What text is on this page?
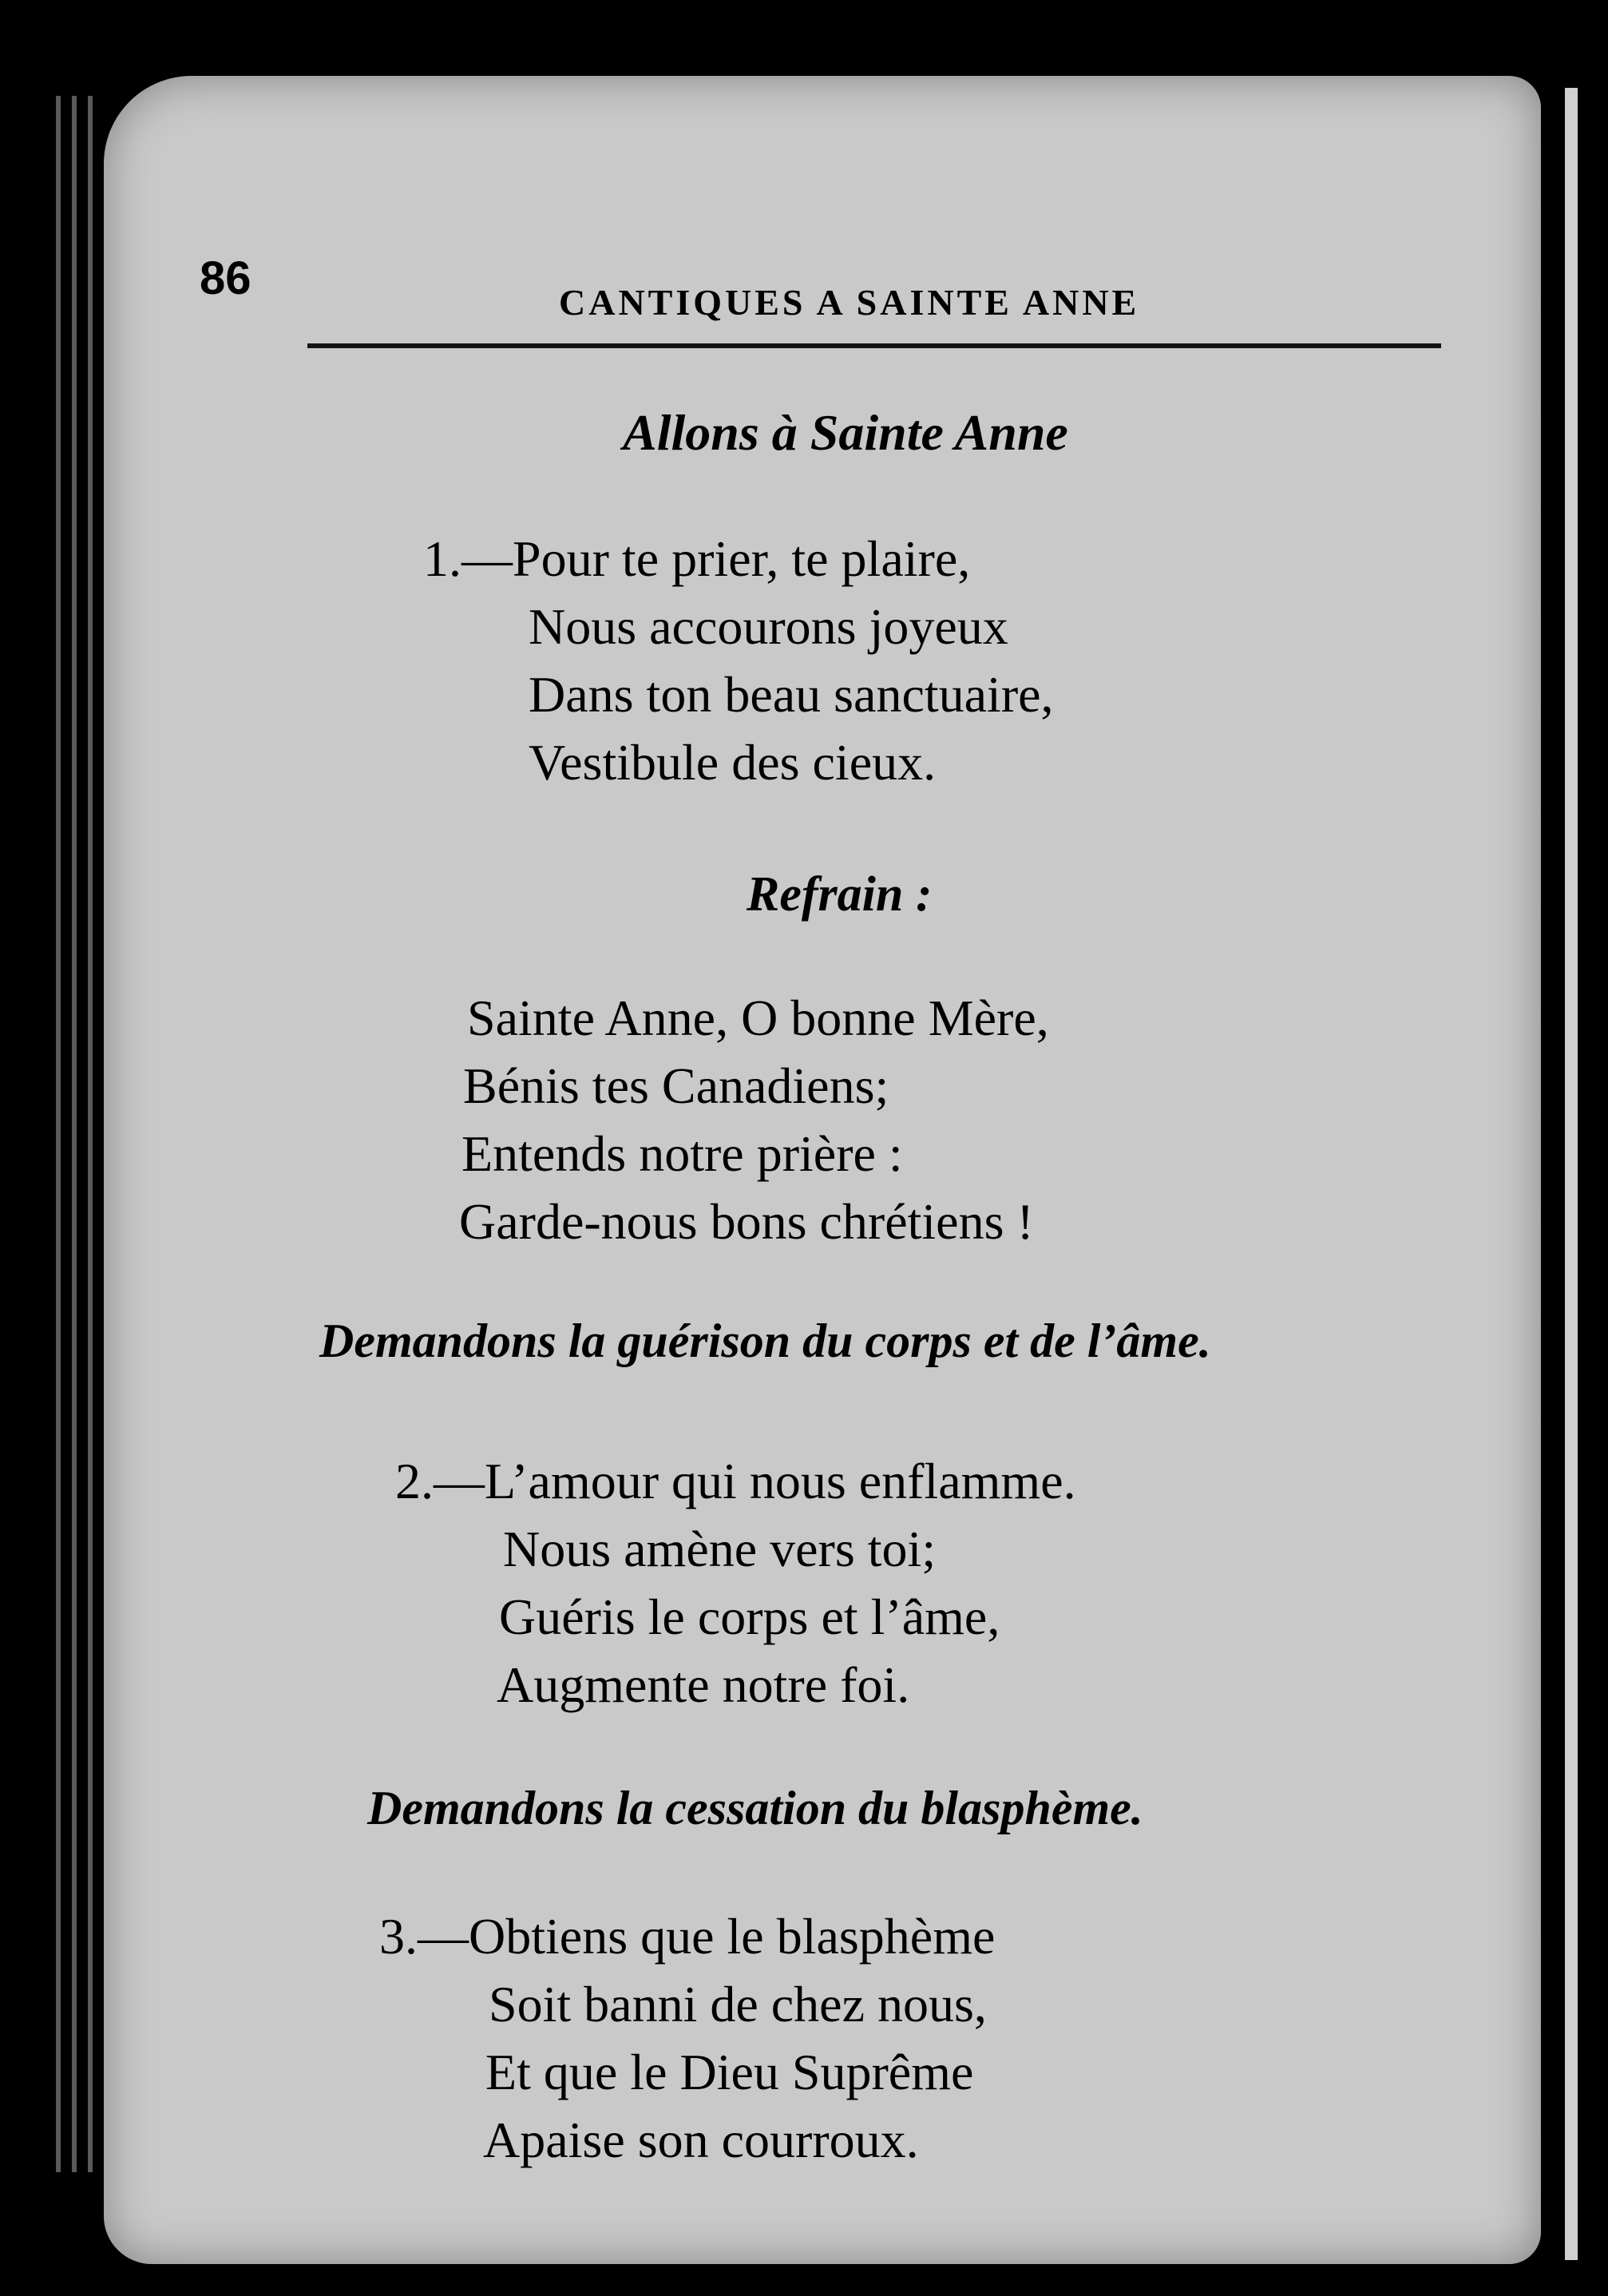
86	CANTIQUES A SAINTE ANNE
Allons à Sainte Anne
1.—Pour te prier, te plaire,
Nous accourons joyeux
Dans ton beau sanctuaire,
Vestibule des cieux.
Refrain :
Sainte Anne, O bonne Mère,
Bénis tes Canadiens;
Entends notre prière :
Garde-nous bons chrétiens !
Demandons la guérison du corps et de l’âme.
2.—L’amour qui nous enflamme.
Nous amène vers toi;
Guéris le corps et l’âme,
Augmente notre foi.
Demandons la cessation du blasphème.
3.—Obtiens que le blasphème
Soit banni de chez nous,
Et que le Dieu Suprême
Apaise son courroux.
